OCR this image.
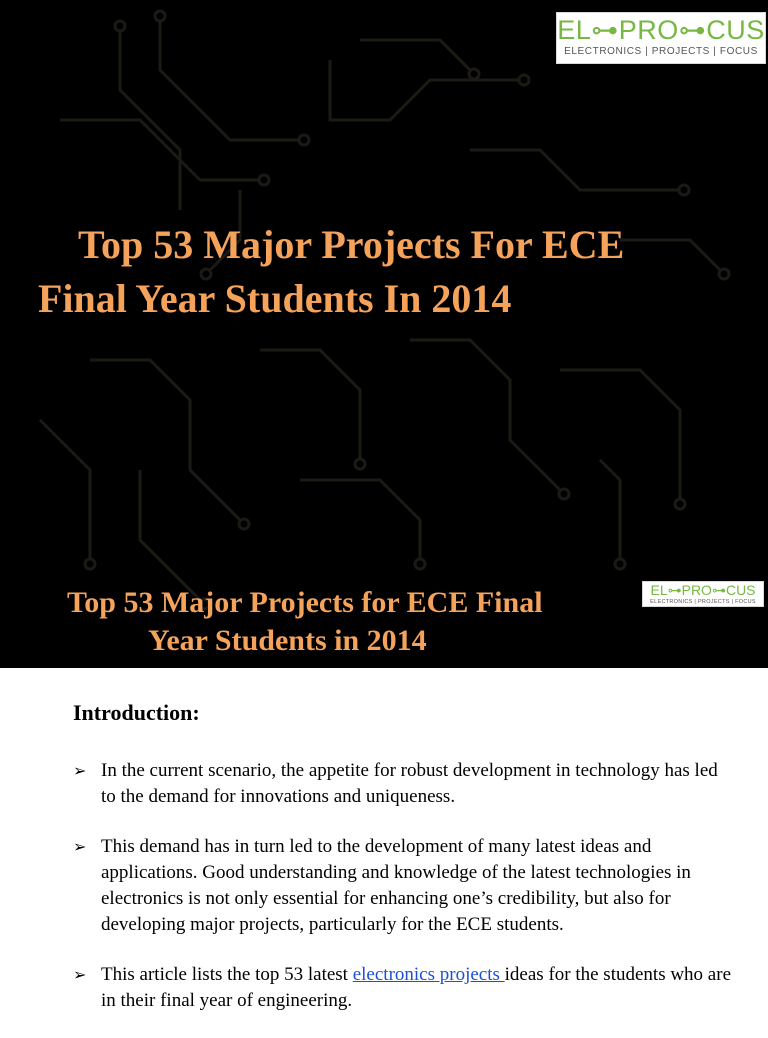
EL⊶PRO⊶CUS
ELECTRONICS | PROJECTS | FOCUS
Top 53 Major Projects For ECE
Final Year Students In 2014
Top 53 Major Projects for ECE Final
Year Students in 2014
EL⊶PRO⊶CUS
ELECTRONICS | PROJECTS | FOCUS
Introduction:
➢ In the current scenario, the appetite for robust development in technology has led to the demand for innovations and uniqueness.
➢ This demand has in turn led to the development of many latest ideas and applications. Good understanding and knowledge of the latest technologies in electronics is not only essential for enhancing one’s credibility, but also for developing major projects, particularly for the ECE students.
➢ This article lists the top 53 latest electronics projects ideas for the students who are in their final year of engineering.
